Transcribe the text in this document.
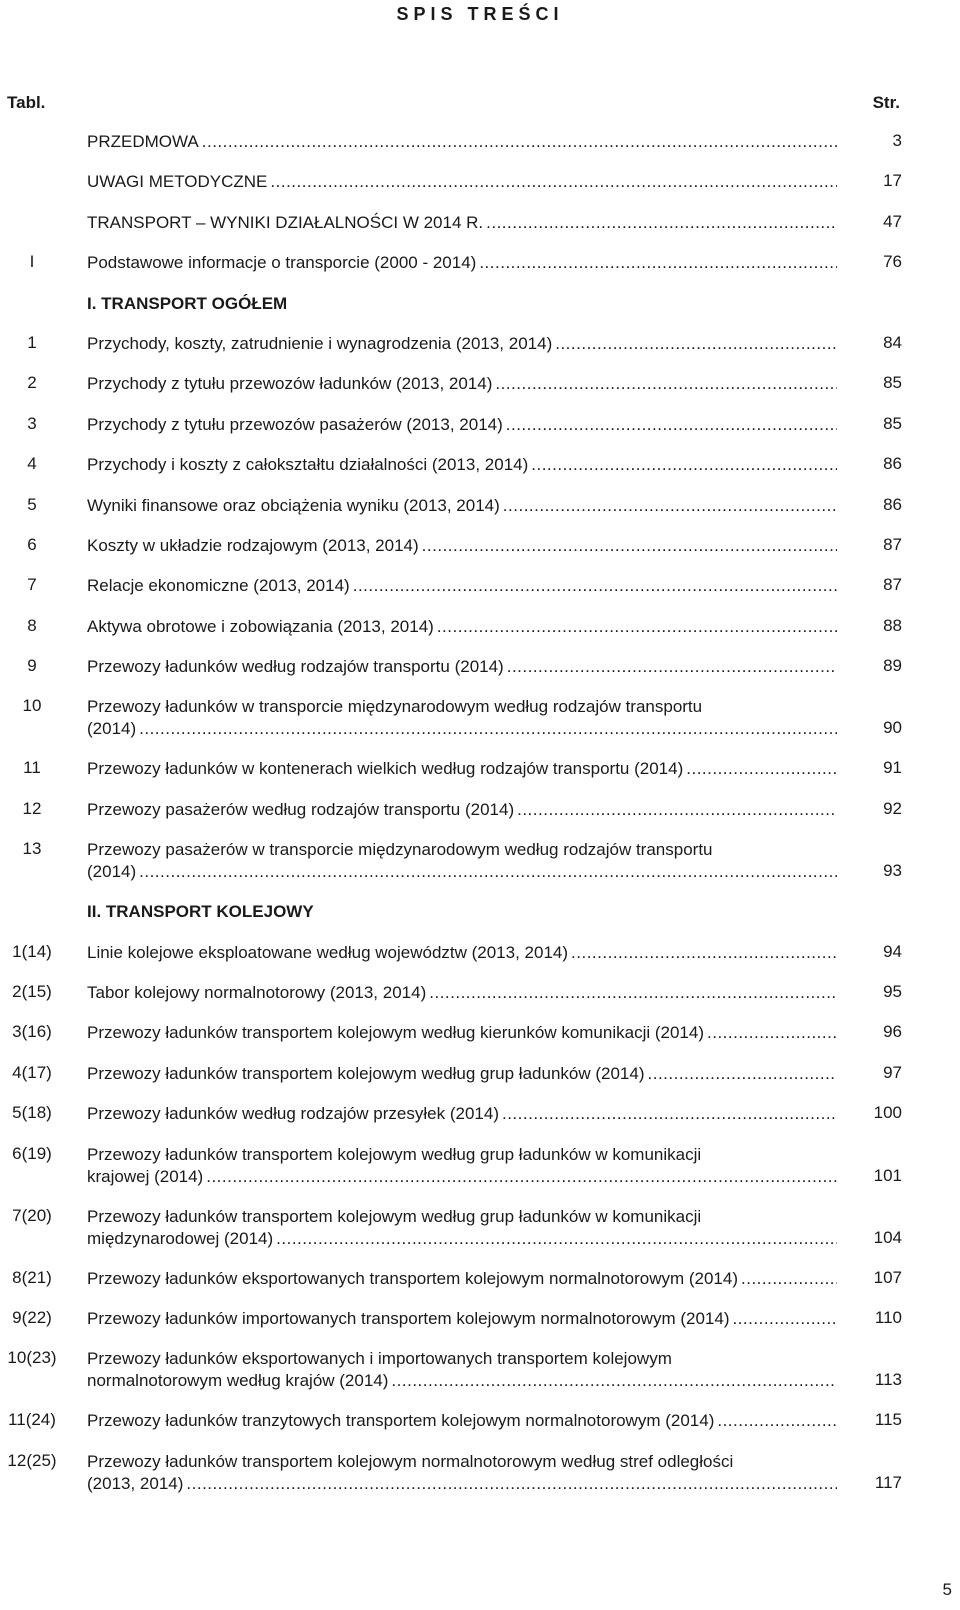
SPIS TREŚCI
Tabl.	Str.
PRZEDMOWA .....	3
UWAGI METODYCZNE .....	17
TRANSPORT – WYNIKI DZIAŁALNOŚCI W 2014 R. .....	47
I	Podstawowe informacje o transporcie (2000 - 2014) .....	76
I. TRANSPORT OGÓŁEM
1	Przychody, koszty, zatrudnienie i wynagrodzenia (2013, 2014) .....	84
2	Przychody z tytułu przewozów ładunków (2013, 2014) .....	85
3	Przychody z tytułu przewozów pasażerów (2013, 2014) .....	85
4	Przychody i koszty z całokształtu działalności (2013, 2014) .....	86
5	Wyniki finansowe oraz obciążenia wyniku (2013, 2014) .....	86
6	Koszty w układzie rodzajowym (2013, 2014) .....	87
7	Relacje ekonomiczne (2013, 2014) .....	87
8	Aktywa obrotowe i zobowiązania (2013, 2014) .....	88
9	Przewozy ładunków według rodzajów transportu (2014) .....	89
10	Przewozy ładunków w transporcie międzynarodowym według rodzajów transportu
(2014) .....	90
11	Przewozy ładunków w kontenerach wielkich według rodzajów transportu (2014) .....	91
12	Przewozy pasażerów według rodzajów transportu (2014) .....	92
13	Przewozy pasażerów w transporcie międzynarodowym według rodzajów transportu
(2014) .....	93
II. TRANSPORT KOLEJOWY
1(14)	Linie kolejowe eksploatowane według województw (2013, 2014) .....	94
2(15)	Tabor kolejowy normalnotorowy (2013, 2014) .....	95
3(16)	Przewozy ładunków transportem kolejowym według kierunków komunikacji (2014) .....	96
4(17)	Przewozy ładunków transportem kolejowym według grup ładunków (2014) .....	97
5(18)	Przewozy ładunków według rodzajów przesyłek (2014) .....	100
6(19)	Przewozy ładunków transportem kolejowym według grup ładunków w komunikacji
krajowej (2014) .....	101
7(20)	Przewozy ładunków transportem kolejowym według grup ładunków w komunikacji
międzynarodowej (2014) .....	104
8(21)	Przewozy ładunków eksportowanych transportem kolejowym normalnotorowym (2014) .....	107
9(22)	Przewozy ładunków importowanych transportem kolejowym normalnotorowym (2014) .....	110
10(23)	Przewozy ładunków eksportowanych i importowanych transportem kolejowym
normalnotorowym według krajów (2014) .....	113
11(24)	Przewozy ładunków tranzytowych transportem kolejowym normalnotorowym (2014) .....	115
12(25)	Przewozy ładunków transportem kolejowym normalnotorowym według stref odległości
(2013, 2014) .....	117
5
